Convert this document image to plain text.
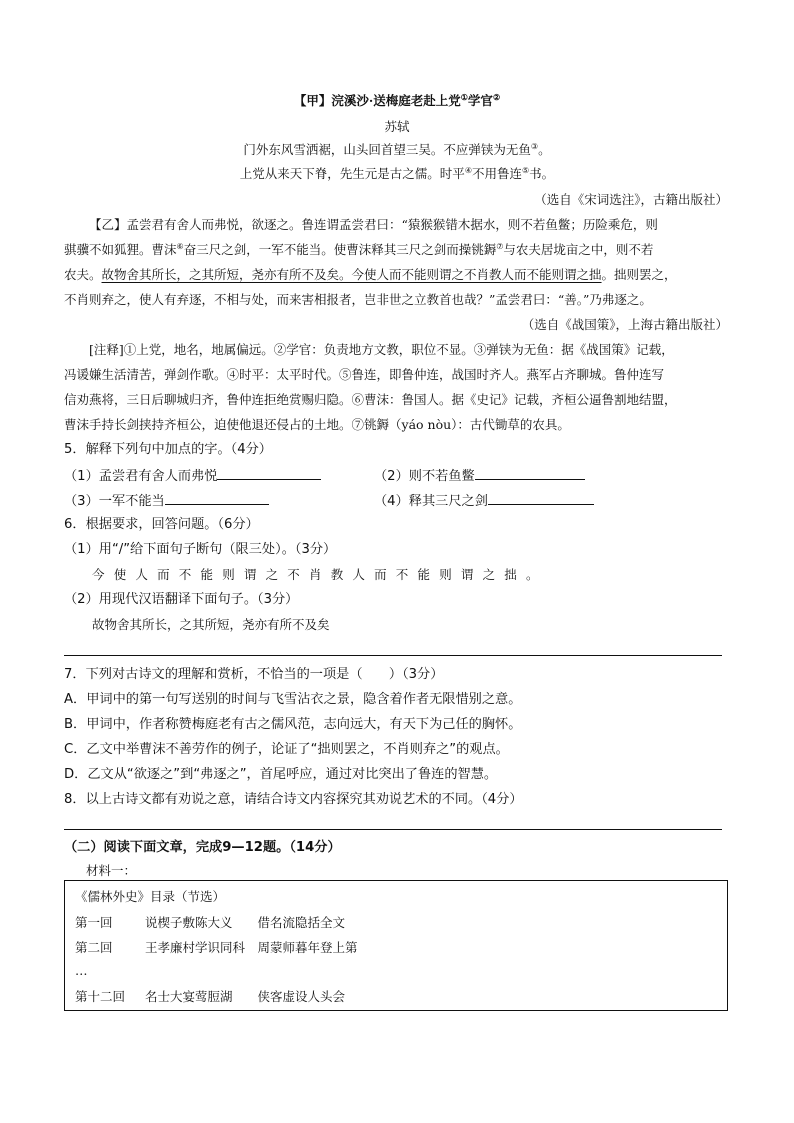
【甲】浣溪沙·送梅庭老赴上党①学官②
苏轼
门外东风雪洒裾，山头回首望三吴。不应弹铗为无鱼③。
上党从来天下脊，先生元是古之儒。时平④不用鲁连⑤书。
（选自《宋词选注》，古籍出版社）
【乙】孟尝君有舍人而弗悦，欲逐之。鲁连谓孟尝君曰：“猿猴猴错木据水，则不若鱼鳖；历险乘危，则
骐骥不如狐狸。曹沫⑥奋三尺之剑，一军不能当。使曹沫释其三尺之剑而操铫鎒⑦与农夫居垅亩之中，则不若
农夫。故物舍其所长，之其所短，尧亦有所不及矣。今使人而不能则谓之不肖教人而不能则谓之拙。拙则罢之，
不肖则弃之，使人有弃逐，不相与处，而来害相报者，岂非世之立教首也哉？”孟尝君曰：“善。”乃弗逐之。
（选自《战国策》，上海古籍出版社）
[注释]①上党，地名，地属偏远。②学官：负责地方文教，职位不显。③弹铗为无鱼：据《战国策》记载，
冯谖嫌生活清苦，弹剑作歌。④时平：太平时代。⑤鲁连，即鲁仲连，战国时齐人。燕军占齐聊城。鲁仲连写
信劝燕将，三日后聊城归齐，鲁仲连拒绝赏赐归隐。⑥曹沫：鲁国人。据《史记》记载，齐桓公逼鲁割地结盟，
曹沫手持长剑挟持齐桓公，迫使他退还侵占的土地。⑦铫鎒（yáo nòu）：古代锄草的农具。
5．解释下列句中加点的字。（4分）
（1）孟尝君有舍人而弗悦	（2）则不若鱼鳖
（3）一军不能当	（4）释其三尺之剑
6．根据要求，回答问题。（6分）
（1）用“/”给下面句子断句（限三处）。（3分）
今使人而不能则谓之不肖教人而不能则谓之拙。
（2）用现代汉语翻译下面句子。（3分）
故物舍其所长，之其所短，尧亦有所不及矣
7．下列对古诗文的理解和赏析，不恰当的一项是（　　）（3分）
A．甲词中的第一句写送别的时间与飞雪沾衣之景，隐含着作者无限惜别之意。
B．甲词中，作者称赞梅庭老有古之儒风范，志向远大，有天下为己任的胸怀。
C．乙文中举曹沫不善劳作的例子，论证了“拙则罢之，不肖则弃之”的观点。
D．乙文从“欲逐之”到“弗逐之”，首尾呼应，通过对比突出了鲁连的智慧。
8．以上古诗文都有劝说之意，请结合诗文内容探究其劝说艺术的不同。（4分）
（二）阅读下面文章，完成9—12题。（14分）
材料一：
《儒林外史》目录（节选）
第一回	说楔子敷陈大义　　借名流隐括全文
第二回	王孝廉村学识同科　周蒙师暮年登上第
…
第十二回 名士大宴莺脰湖　　侠客虚设人头会
